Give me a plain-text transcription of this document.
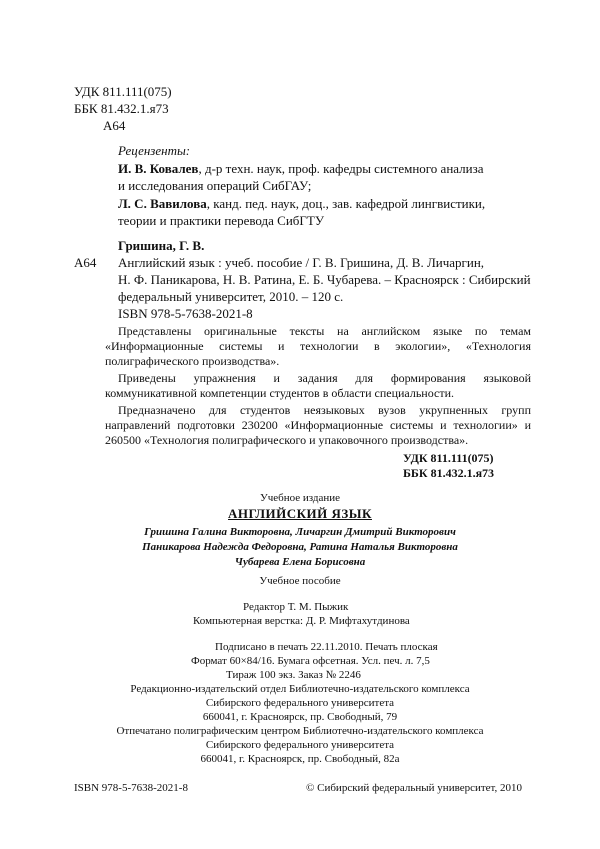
УДК 811.111(075)
ББК 81.432.1.я73
А64
Рецензенты:
И. В. Ковалев, д-р техн. наук, проф. кафедры системного анализа
и исследования операций СибГАУ;
Л. С. Вавилова, канд. пед. наук, доц., зав. кафедрой лингвистики,
теории и практики перевода СибГТУ
Гришина, Г. В.
А64 Английский язык : учеб. пособие / Г. В. Гришина, Д. В. Личаргин,
Н. Ф. Паникарова, Н. В. Ратина, Е. Б. Чубарева. – Красноярск : Сибирский
федеральный университет, 2010. – 120 с.
ISBN 978-5-7638-2021-8
Представлены оригинальные тексты на английском языке по темам «Информационные системы и технологии в экологии», «Технология полиграфического производства».
Приведены упражнения и задания для формирования языковой коммуникативной компетенции студентов в области специальности.
Предназначено для студентов неязыковых вузов укрупненных групп направлений подготовки 230200 «Информационные системы и технологии» и 260500 «Технология полиграфического и упаковочного производства».
УДК 811.111(075)
ББК 81.432.1.я73
Учебное издание
АНГЛИЙСКИЙ ЯЗЫК
Гришина Галина Викторовна, Личаргин Дмитрий Викторович
Паникарова Надежда Федоровна, Ратина Наталья Викторовна
Чубарева Елена Борисовна
Учебное пособие
Редактор Т. М. Пыжик
Компьютерная верстка: Д. Р. Мифтахутдинова
Подписано в печать 22.11.2010. Печать плоская
Формат 60×84/16. Бумага офсетная. Усл. печ. л. 7,5
Тираж 100 экз. Заказ № 2246
Редакционно-издательский отдел Библиотечно-издательского комплекса
Сибирского федерального университета
660041, г. Красноярск, пр. Свободный, 79
Отпечатано полиграфическим центром Библиотечно-издательского комплекса
Сибирского федерального университета
660041, г. Красноярск, пр. Свободный, 82а
ISBN 978-5-7638-2021-8	© Сибирский федеральный университет, 2010
